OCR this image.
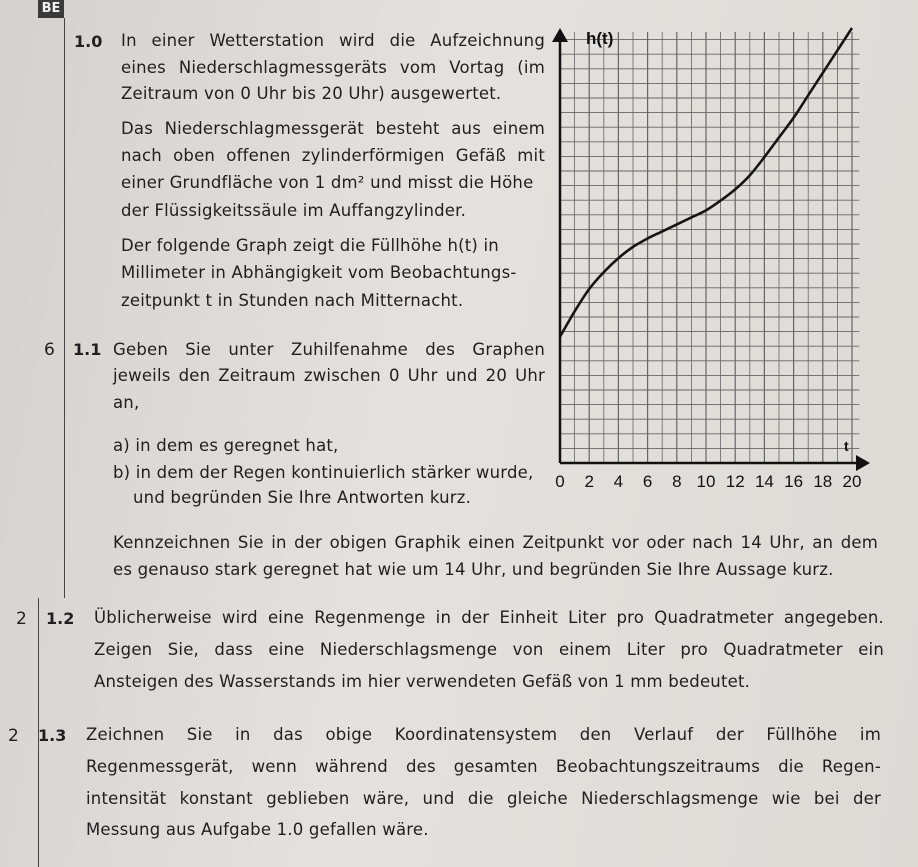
BE
1.0 In einer Wetterstation wird die Aufzeichnung
eines Niederschlagmessgeräts vom Vortag (im
Zeitraum von 0 Uhr bis 20 Uhr) ausgewertet.
Das Niederschlagmessgerät besteht aus einem
nach oben offenen zylinderförmigen Gefäß mit
einer Grundfläche von 1 dm² und misst die Höhe
der Flüssigkeitssäule im Auffangzylinder.
Der folgende Graph zeigt die Füllhöhe h(t) in
Millimeter in Abhängigkeit vom Beobachtungs-
zeitpunkt t in Stunden nach Mitternacht.
6 1.1 Geben Sie unter Zuhilfenahme des Graphen
jeweils den Zeitraum zwischen 0 Uhr und 20 Uhr
an,
a) in dem es geregnet hat,
b) in dem der Regen kontinuierlich stärker wurde,
und begründen Sie Ihre Antworten kurz.
Kennzeichnen Sie in der obigen Graphik einen Zeitpunkt vor oder nach 14 Uhr, an dem
es genauso stark geregnet hat wie um 14 Uhr, und begründen Sie Ihre Aussage kurz.
2 1.2 Üblicherweise wird eine Regenmenge in der Einheit Liter pro Quadratmeter angegeben.
Zeigen Sie, dass eine Niederschlagsmenge von einem Liter pro Quadratmeter ein
Ansteigen des Wasserstands im hier verwendeten Gefäß von 1 mm bedeutet.
2 1.3 Zeichnen Sie in das obige Koordinatensystem den Verlauf der Füllhöhe im
Regenmessgerät, wenn während des gesamten Beobachtungszeitraums die Regen-
intensität konstant geblieben wäre, und die gleiche Niederschlagsmenge wie bei der
Messung aus Aufgabe 1.0 gefallen wäre.
h(t)
t
0 2 4 6 8 10 12 14 16 18 20
